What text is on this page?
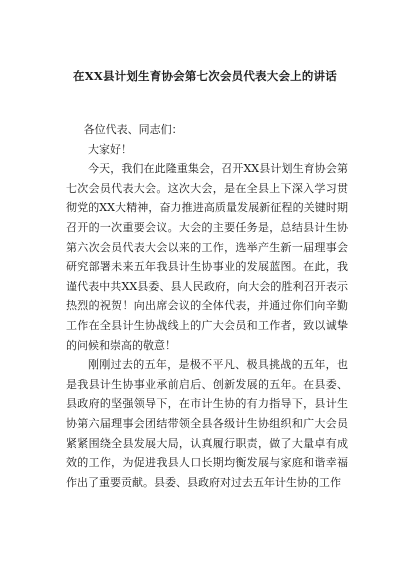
在XX县计划生育协会第七次会员代表大会上的讲话

各位代表、同志们：

大家好！

今天，我们在此隆重集会，召开XX县计划生育协会第七次会员代表大会。这次大会，是在全县上下深入学习贯彻党的XX大精神，奋力推进高质量发展新征程的关键时期召开的一次重要会议。大会的主要任务是，总结县计生协第六次会员代表大会以来的工作，选举产生新一届理事会研究部署未来五年我县计生协事业的发展蓝图。在此，我谨代表中共XX县委、县人民政府，向大会的胜利召开表示热烈的祝贺！向出席会议的全体代表，并通过你们向辛勤工作在全县计生协战线上的广大会员和工作者，致以诚挚的问候和崇高的敬意！

刚刚过去的五年，是极不平凡、极具挑战的五年，也是我县计生协事业承前启后、创新发展的五年。在县委、县政府的坚强领导下，在市计生协的有力指导下，县计生协第六届理事会团结带领全县各级计生协组织和广大会员紧紧围绕全县发展大局，认真履行职责，做了大量卓有成效的工作，为促进我县人口长期均衡发展与家庭和谐幸福作出了重要贡献。县委、县政府对过去五年计生协的工作
